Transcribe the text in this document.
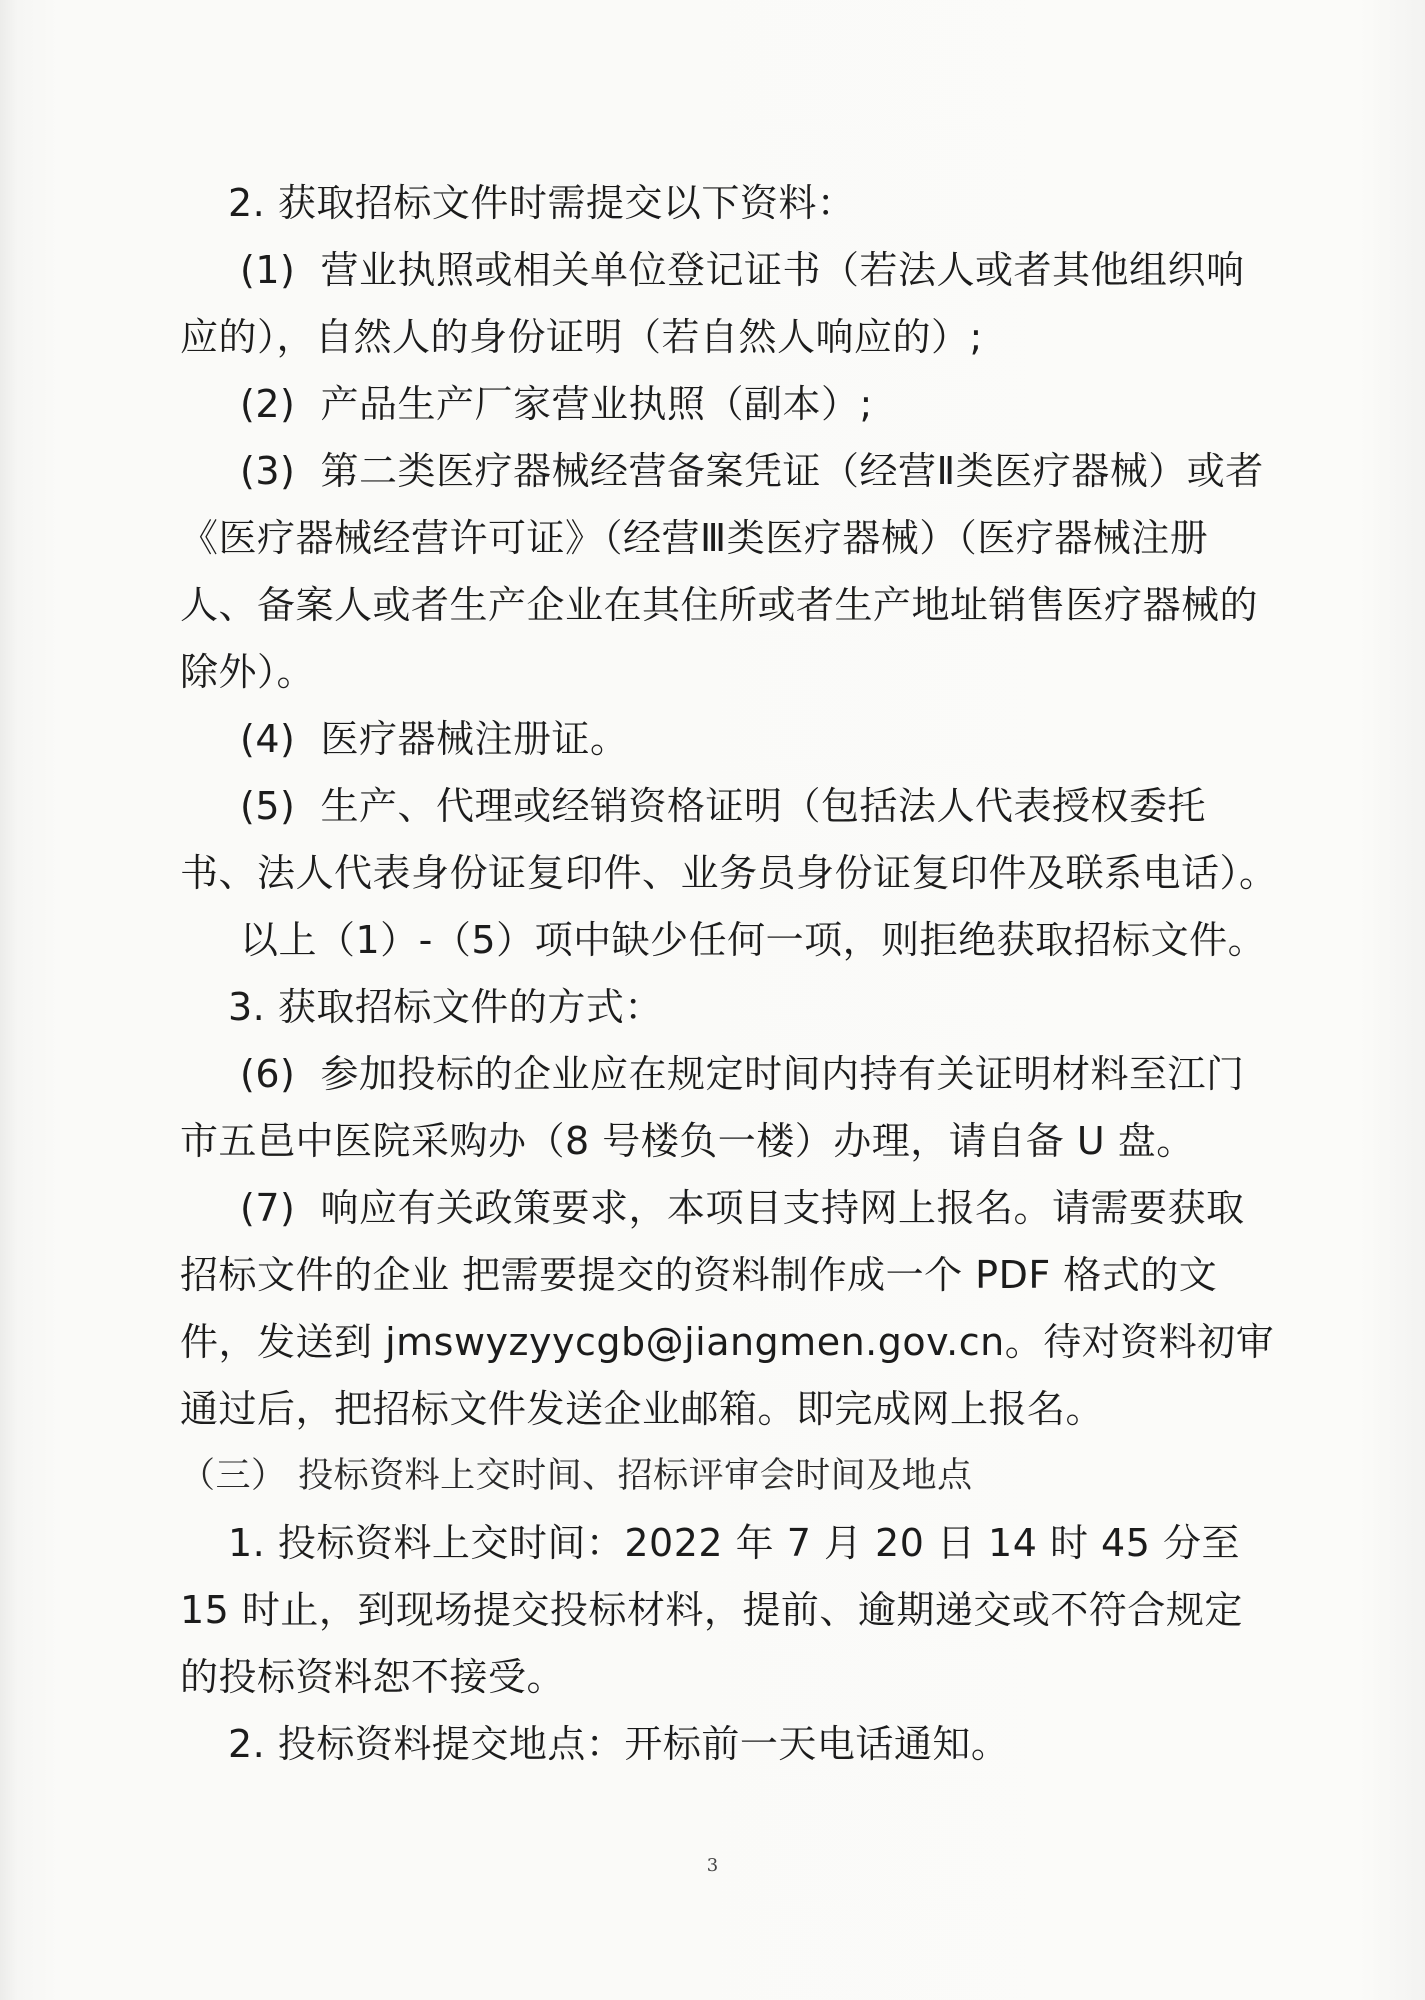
2. 获取招标文件时需提交以下资料：

(1)  营业执照或相关单位登记证书（若法人或者其他组织响应的），自然人的身份证明（若自然人响应的）;

(2)  产品生产厂家营业执照（副本）;

(3)  第二类医疗器械经营备案凭证（经营Ⅱ类医疗器械）或者《医疗器械经营许可证》（经营Ⅲ类医疗器械）（医疗器械注册人、备案人或者生产企业在其住所或者生产地址销售医疗器械的除外）。

(4)  医疗器械注册证。

(5)  生产、代理或经销资格证明（包括法人代表授权委托书、法人代表身份证复印件、业务员身份证复印件及联系电话）。

以上（1）-（5）项中缺少任何一项，则拒绝获取招标文件。

3. 获取招标文件的方式：

(6)  参加投标的企业应在规定时间内持有关证明材料至江门市五邑中医院采购办（8 号楼负一楼）办理，请自备 U 盘。

(7)  响应有关政策要求，本项目支持网上报名。请需要获取招标文件的企业 把需要提交的资料制作成一个 PDF 格式的文件，发送到 jmswyzyycgb@jiangmen.gov.cn。待对资料初审通过后，把招标文件发送企业邮箱。即完成网上报名。

（三） 投标资料上交时间、招标评审会时间及地点

1. 投标资料上交时间：2022 年 7 月 20 日 14 时 45 分至 15 时止，到现场提交投标材料，提前、逾期递交或不符合规定的投标资料恕不接受。

2. 投标资料提交地点：开标前一天电话通知。

3
